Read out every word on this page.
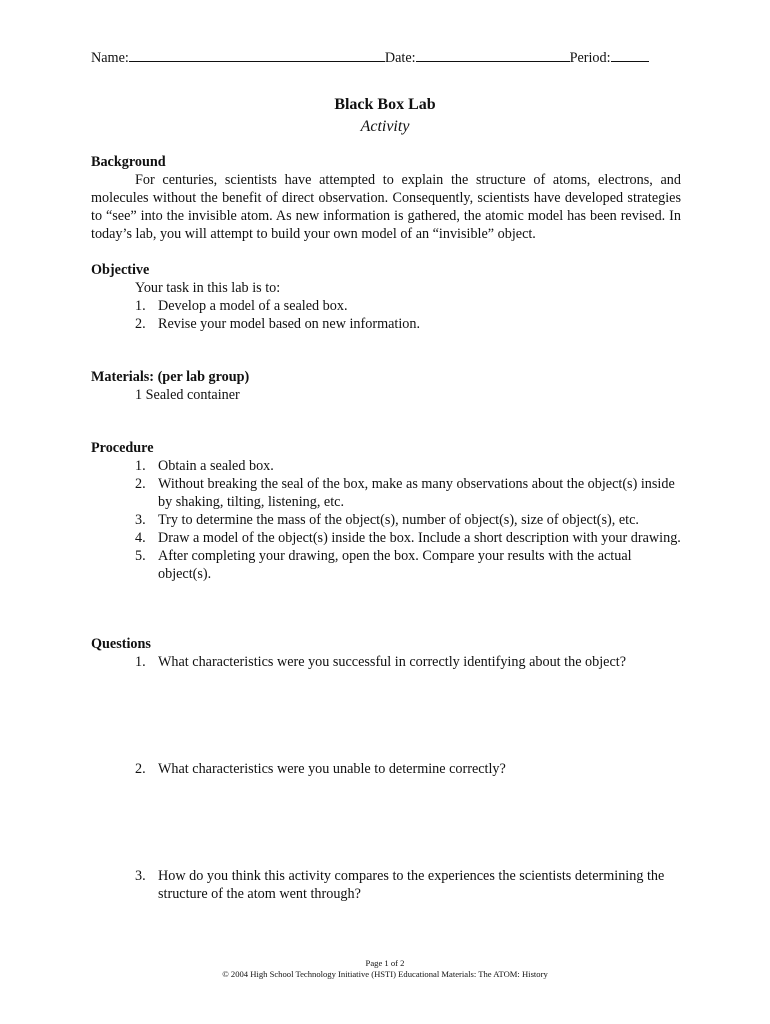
Name:	Date:	Period:
Black Box Lab
Activity
Background
For centuries, scientists have attempted to explain the structure of atoms, electrons, and molecules without the benefit of direct observation. Consequently, scientists have developed strategies to “see” into the invisible atom. As new information is gathered, the atomic model has been revised. In today’s lab, you will attempt to build your own model of an “invisible” object.
Objective
Your task in this lab is to:
1. Develop a model of a sealed box.
2. Revise your model based on new information.
Materials: (per lab group)
1 Sealed container
Procedure
1. Obtain a sealed box.
2. Without breaking the seal of the box, make as many observations about the object(s) inside by shaking, tilting, listening, etc.
3. Try to determine the mass of the object(s), number of object(s), size of object(s), etc.
4. Draw a model of the object(s) inside the box. Include a short description with your drawing.
5. After completing your drawing, open the box. Compare your results with the actual object(s).
Questions
1. What characteristics were you successful in correctly identifying about the object?
2. What characteristics were you unable to determine correctly?
3. How do you think this activity compares to the experiences the scientists determining the structure of the atom went through?
Page 1 of 2
© 2004 High School Technology Initiative (HSTI) Educational Materials: The ATOM: History
